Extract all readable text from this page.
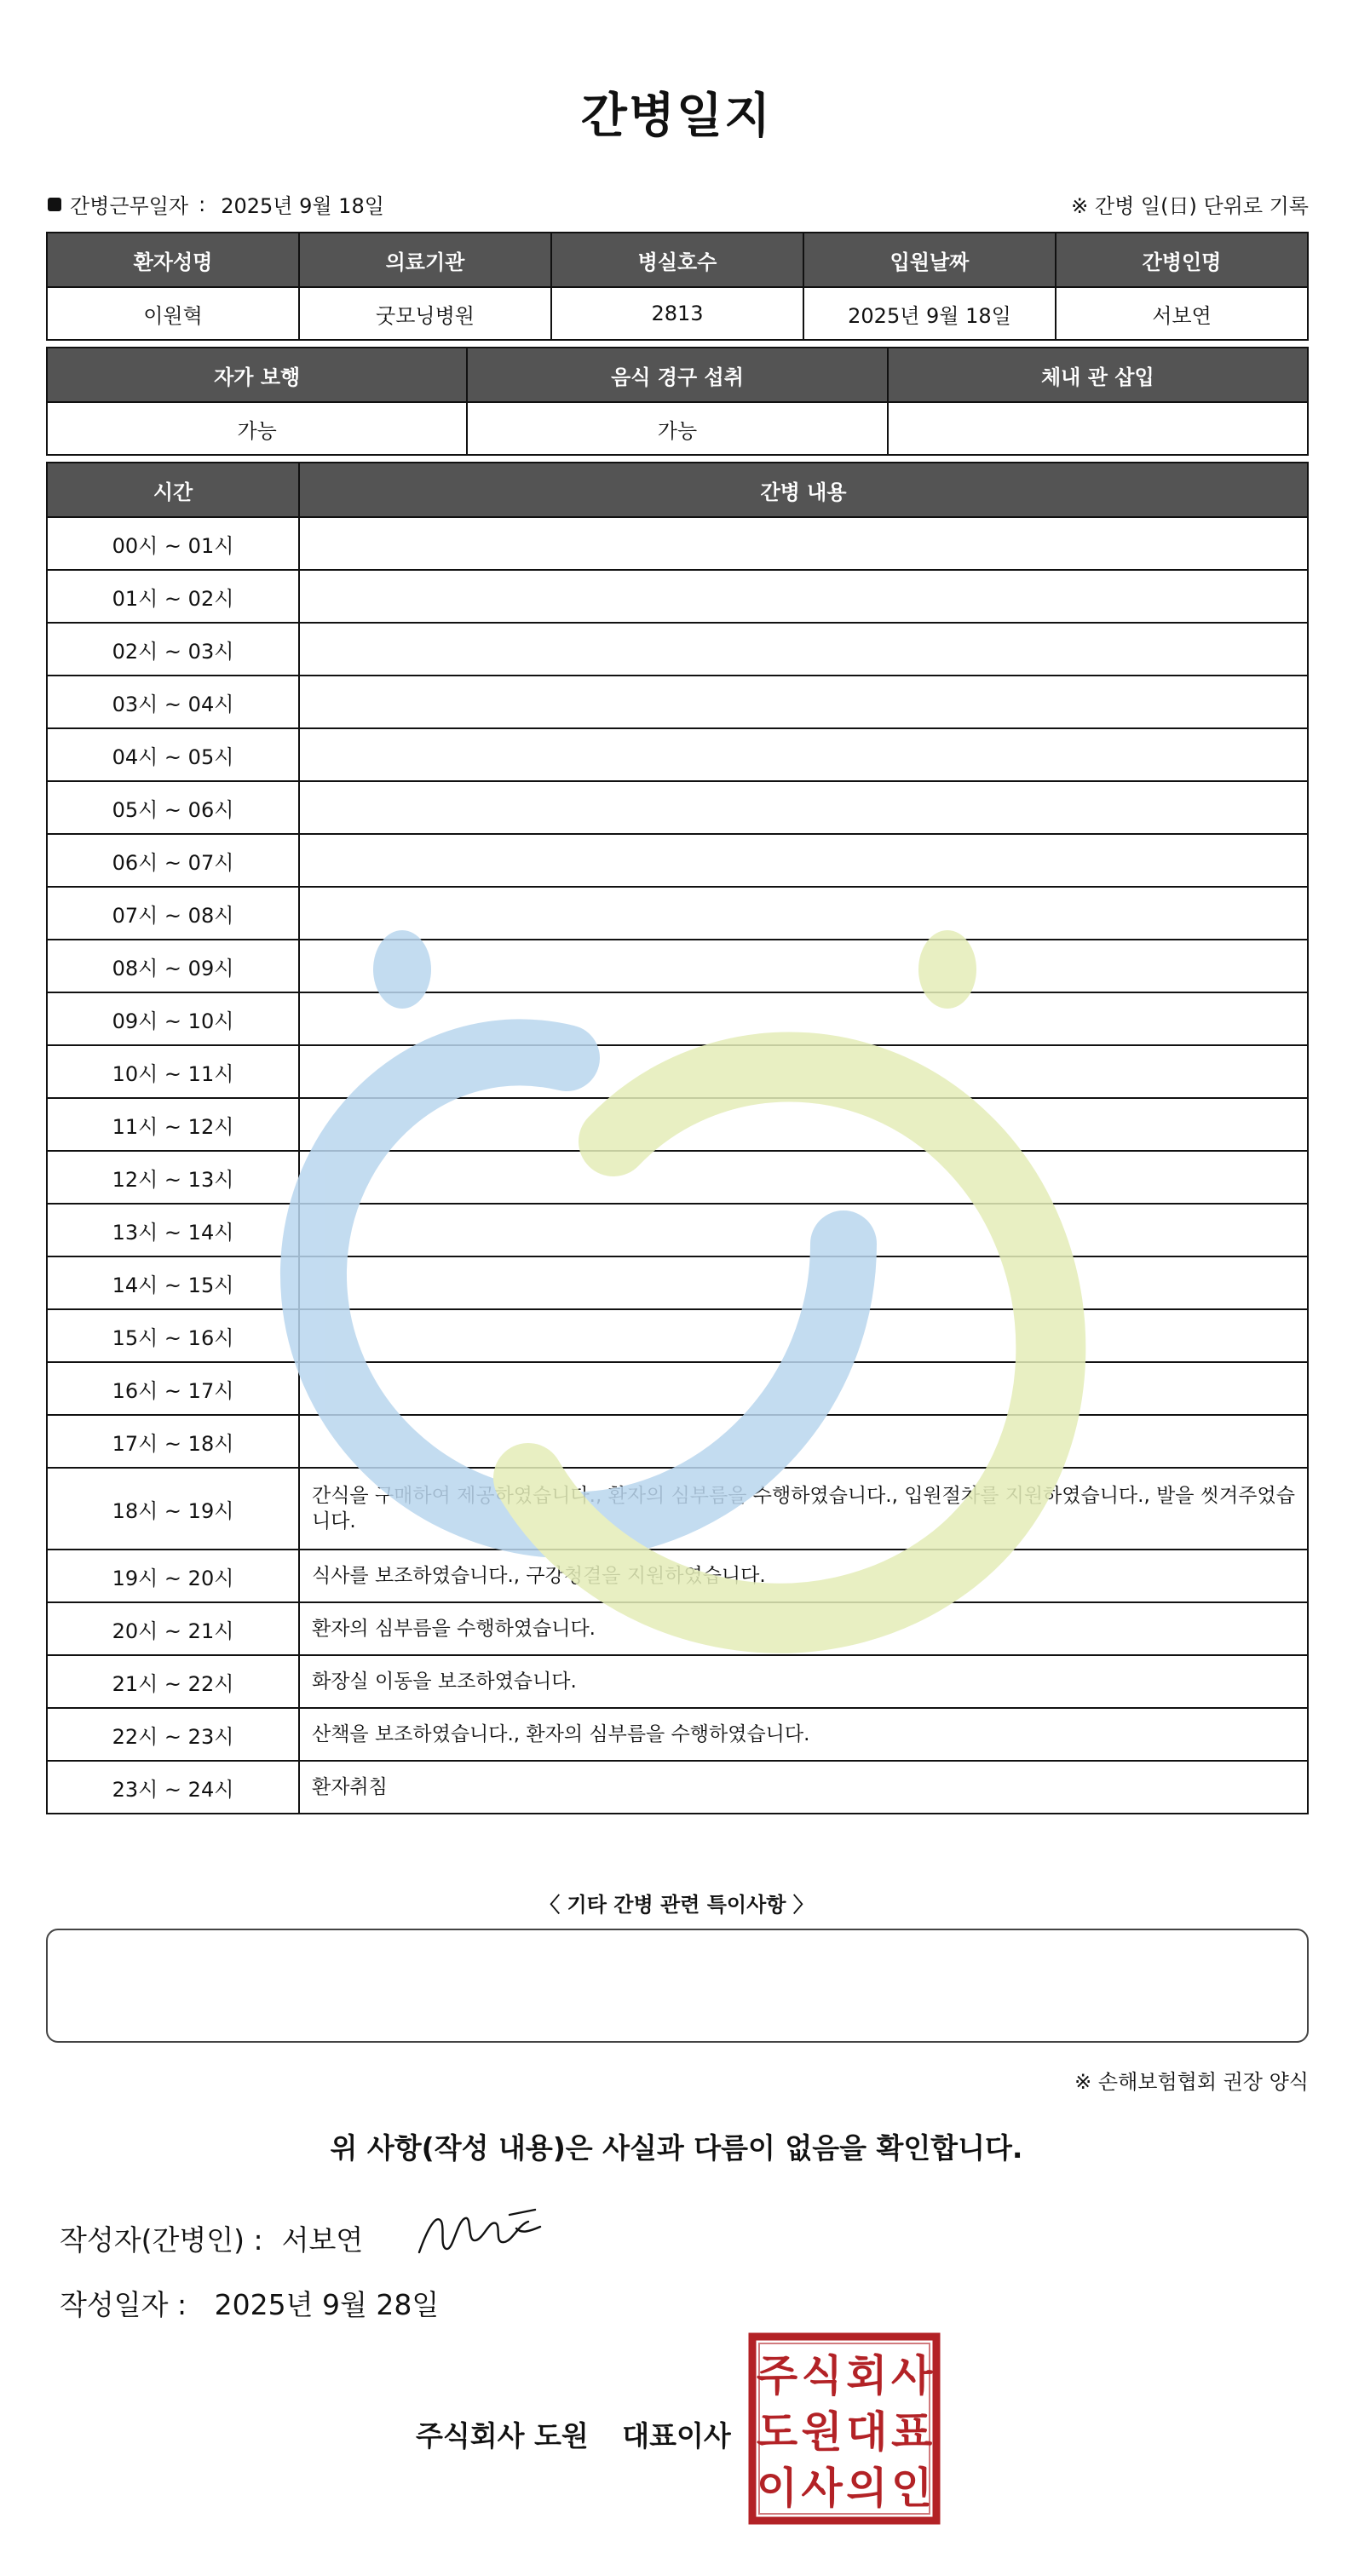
간병일지
간병근무일자 : 2025년 9월 18일	※ 간병 일(日) 단위로 기록
환자성명	의료기관	병실호수	입원날짜	간병인명
이원혁	굿모닝병원	2813	2025년 9월 18일	서보연
자가 보행	음식 경구 섭취	체내 관 삽입
가능	가능	
시간	간병 내용
00시 ~ 01시	
01시 ~ 02시	
02시 ~ 03시	
03시 ~ 04시	
04시 ~ 05시	
05시 ~ 06시	
06시 ~ 07시	
07시 ~ 08시	
08시 ~ 09시	
09시 ~ 10시	
10시 ~ 11시	
11시 ~ 12시	
12시 ~ 13시	
13시 ~ 14시	
14시 ~ 15시	
15시 ~ 16시	
16시 ~ 17시	
17시 ~ 18시	
18시 ~ 19시	간식을 구매하여 제공하였습니다., 환자의 심부름을 수행하였습니다., 입원절차를 지원하였습니다., 발을 씻겨주었습니다.
19시 ~ 20시	식사를 보조하였습니다., 구강청결을 지원하였습니다.
20시 ~ 21시	환자의 심부름을 수행하였습니다.
21시 ~ 22시	화장실 이동을 보조하였습니다.
22시 ~ 23시	산책을 보조하였습니다., 환자의 심부름을 수행하였습니다.
23시 ~ 24시	환자취침
〈 기타 간병 관련 특이사항 〉
※ 손해보험협회 권장 양식
위 사항(작성 내용)은 사실과 다름이 없음을 확인합니다.
작성자(간병인) : 서보연
작성일자 : 2025년 9월 28일
주식회사 도원 대표이사
주 식 회 사
도 원 대 표
이 사 의 인
